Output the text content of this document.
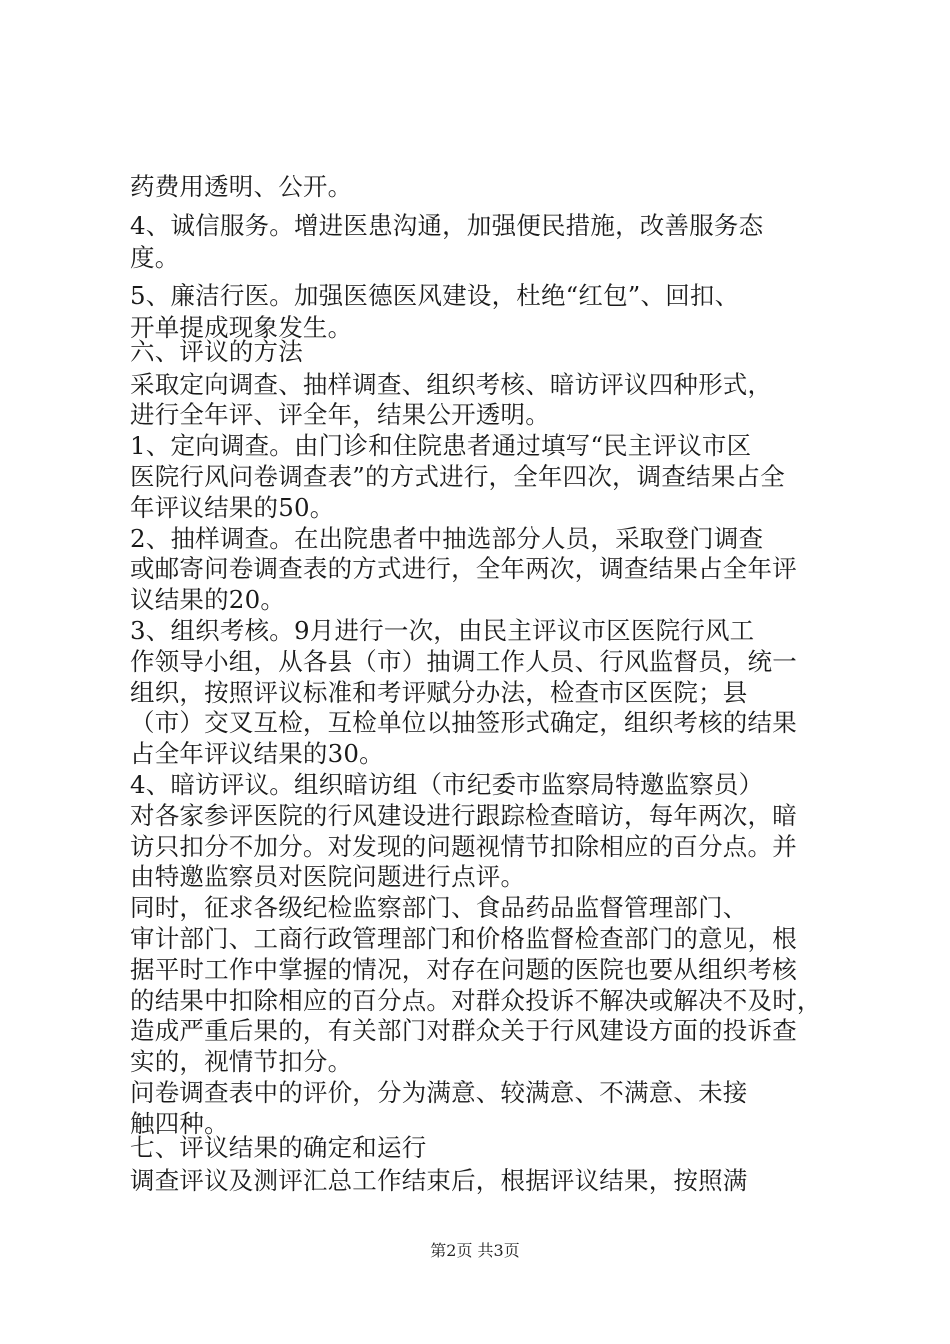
药费用透明、公开。
4、诚信服务。增进医患沟通，加强便民措施，改善服务态
度。
5、廉洁行医。加强医德医风建设，杜绝“红包”、回扣、
开单提成现象发生。
六、评议的方法
采取定向调查、抽样调查、组织考核、暗访评议四种形式，
进行全年评、评全年，结果公开透明。
1、定向调查。由门诊和住院患者通过填写“民主评议市区
医院行风问卷调查表”的方式进行，全年四次，调查结果占全
年评议结果的50。
2、抽样调查。在出院患者中抽选部分人员，采取登门调查
或邮寄问卷调查表的方式进行，全年两次，调查结果占全年评
议结果的20。
3、组织考核。9月进行一次，由民主评议市区医院行风工
作领导小组，从各县（市）抽调工作人员、行风监督员，统一
组织，按照评议标准和考评赋分办法，检查市区医院；县
（市）交叉互检，互检单位以抽签形式确定，组织考核的结果
占全年评议结果的30。
4、暗访评议。组织暗访组（市纪委市监察局特邀监察员）
对各家参评医院的行风建设进行跟踪检查暗访，每年两次，暗
访只扣分不加分。对发现的问题视情节扣除相应的百分点。并
由特邀监察员对医院问题进行点评。
同时，征求各级纪检监察部门、食品药品监督管理部门、
审计部门、工商行政管理部门和价格监督检查部门的意见，根
据平时工作中掌握的情况，对存在问题的医院也要从组织考核
的结果中扣除相应的百分点。对群众投诉不解决或解决不及时，
造成严重后果的，有关部门对群众关于行风建设方面的投诉查
实的，视情节扣分。
问卷调查表中的评价，分为满意、较满意、不满意、未接
触四种。
七、评议结果的确定和运行
调查评议及测评汇总工作结束后，根据评议结果，按照满
第2页 共3页
